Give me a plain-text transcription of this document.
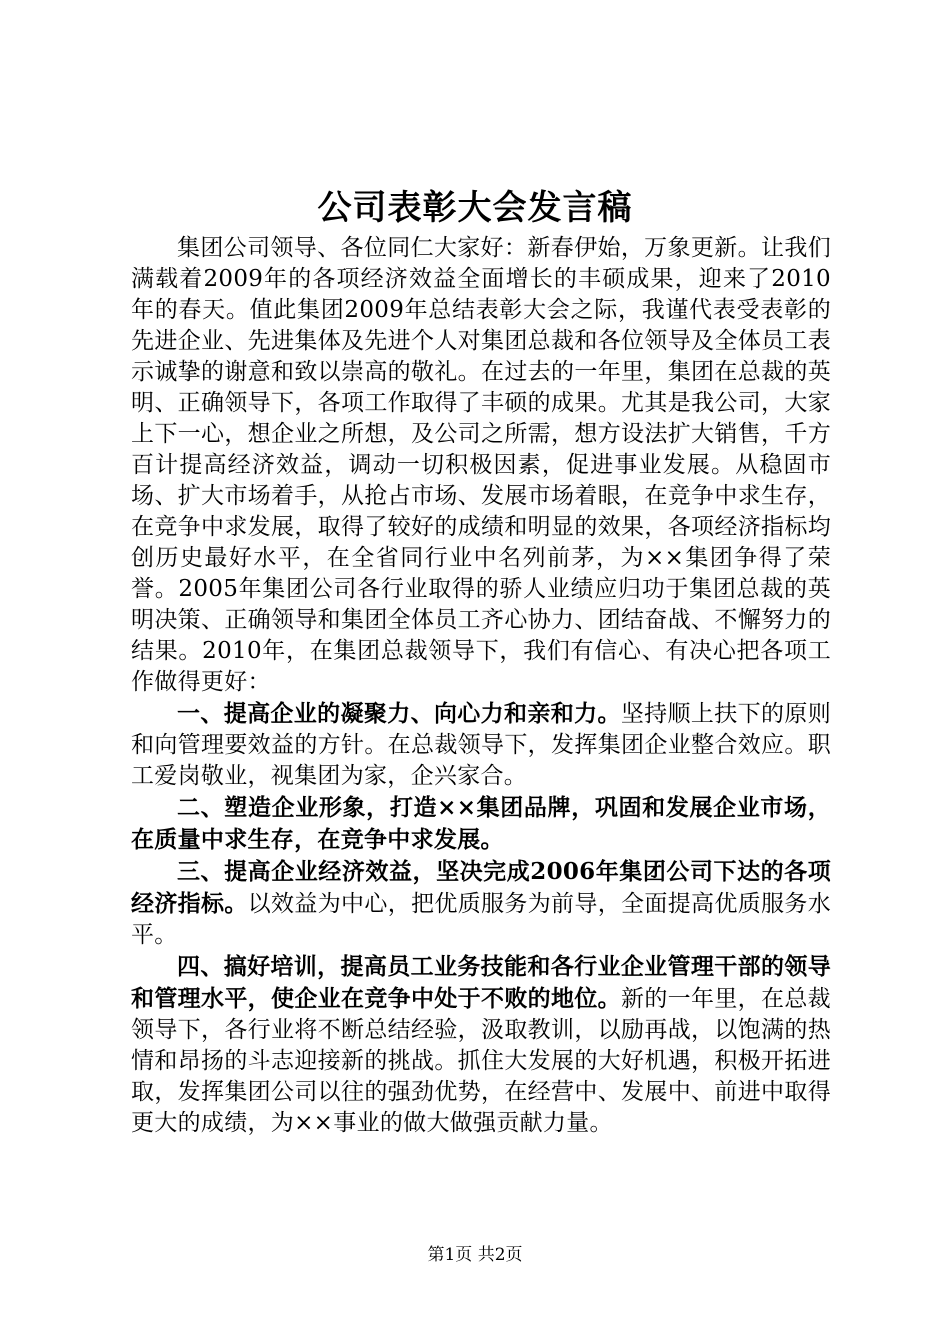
公司表彰大会发言稿

集团公司领导、各位同仁大家好：新春伊始，万象更新。让我们满载着2009年的各项经济效益全面增长的丰硕成果，迎来了2010年的春天。值此集团2009年总结表彰大会之际，我谨代表受表彰的先进企业、先进集体及先进个人对集团总裁和各位领导及全体员工表示诚挚的谢意和致以崇高的敬礼。在过去的一年里，集团在总裁的英明、正确领导下，各项工作取得了丰硕的成果。尤其是我公司，大家上下一心，想企业之所想，及公司之所需，想方设法扩大销售，千方百计提高经济效益，调动一切积极因素，促进事业发展。从稳固市场、扩大市场着手，从抢占市场、发展市场着眼，在竞争中求生存，在竞争中求发展，取得了较好的成绩和明显的效果，各项经济指标均创历史最好水平，在全省同行业中名列前茅，为××集团争得了荣誉。2005年集团公司各行业取得的骄人业绩应归功于集团总裁的英明决策、正确领导和集团全体员工齐心协力、团结奋战、不懈努力的结果。2010年，在集团总裁领导下，我们有信心、有决心把各项工作做得更好：

一、提高企业的凝聚力、向心力和亲和力。坚持顺上扶下的原则和向管理要效益的方针。在总裁领导下，发挥集团企业整合效应。职工爱岗敬业，视集团为家，企兴家合。

二、塑造企业形象，打造××集团品牌，巩固和发展企业市场，在质量中求生存，在竞争中求发展。

三、提高企业经济效益，坚决完成2006年集团公司下达的各项经济指标。以效益为中心，把优质服务为前导，全面提高优质服务水平。

四、搞好培训，提高员工业务技能和各行业企业管理干部的领导和管理水平，使企业在竞争中处于不败的地位。新的一年里，在总裁领导下，各行业将不断总结经验，汲取教训，以励再战，以饱满的热情和昂扬的斗志迎接新的挑战。抓住大发展的大好机遇，积极开拓进取，发挥集团公司以往的强劲优势，在经营中、发展中、前进中取得更大的成绩，为××事业的做大做强贡献力量。

第1页 共2页
